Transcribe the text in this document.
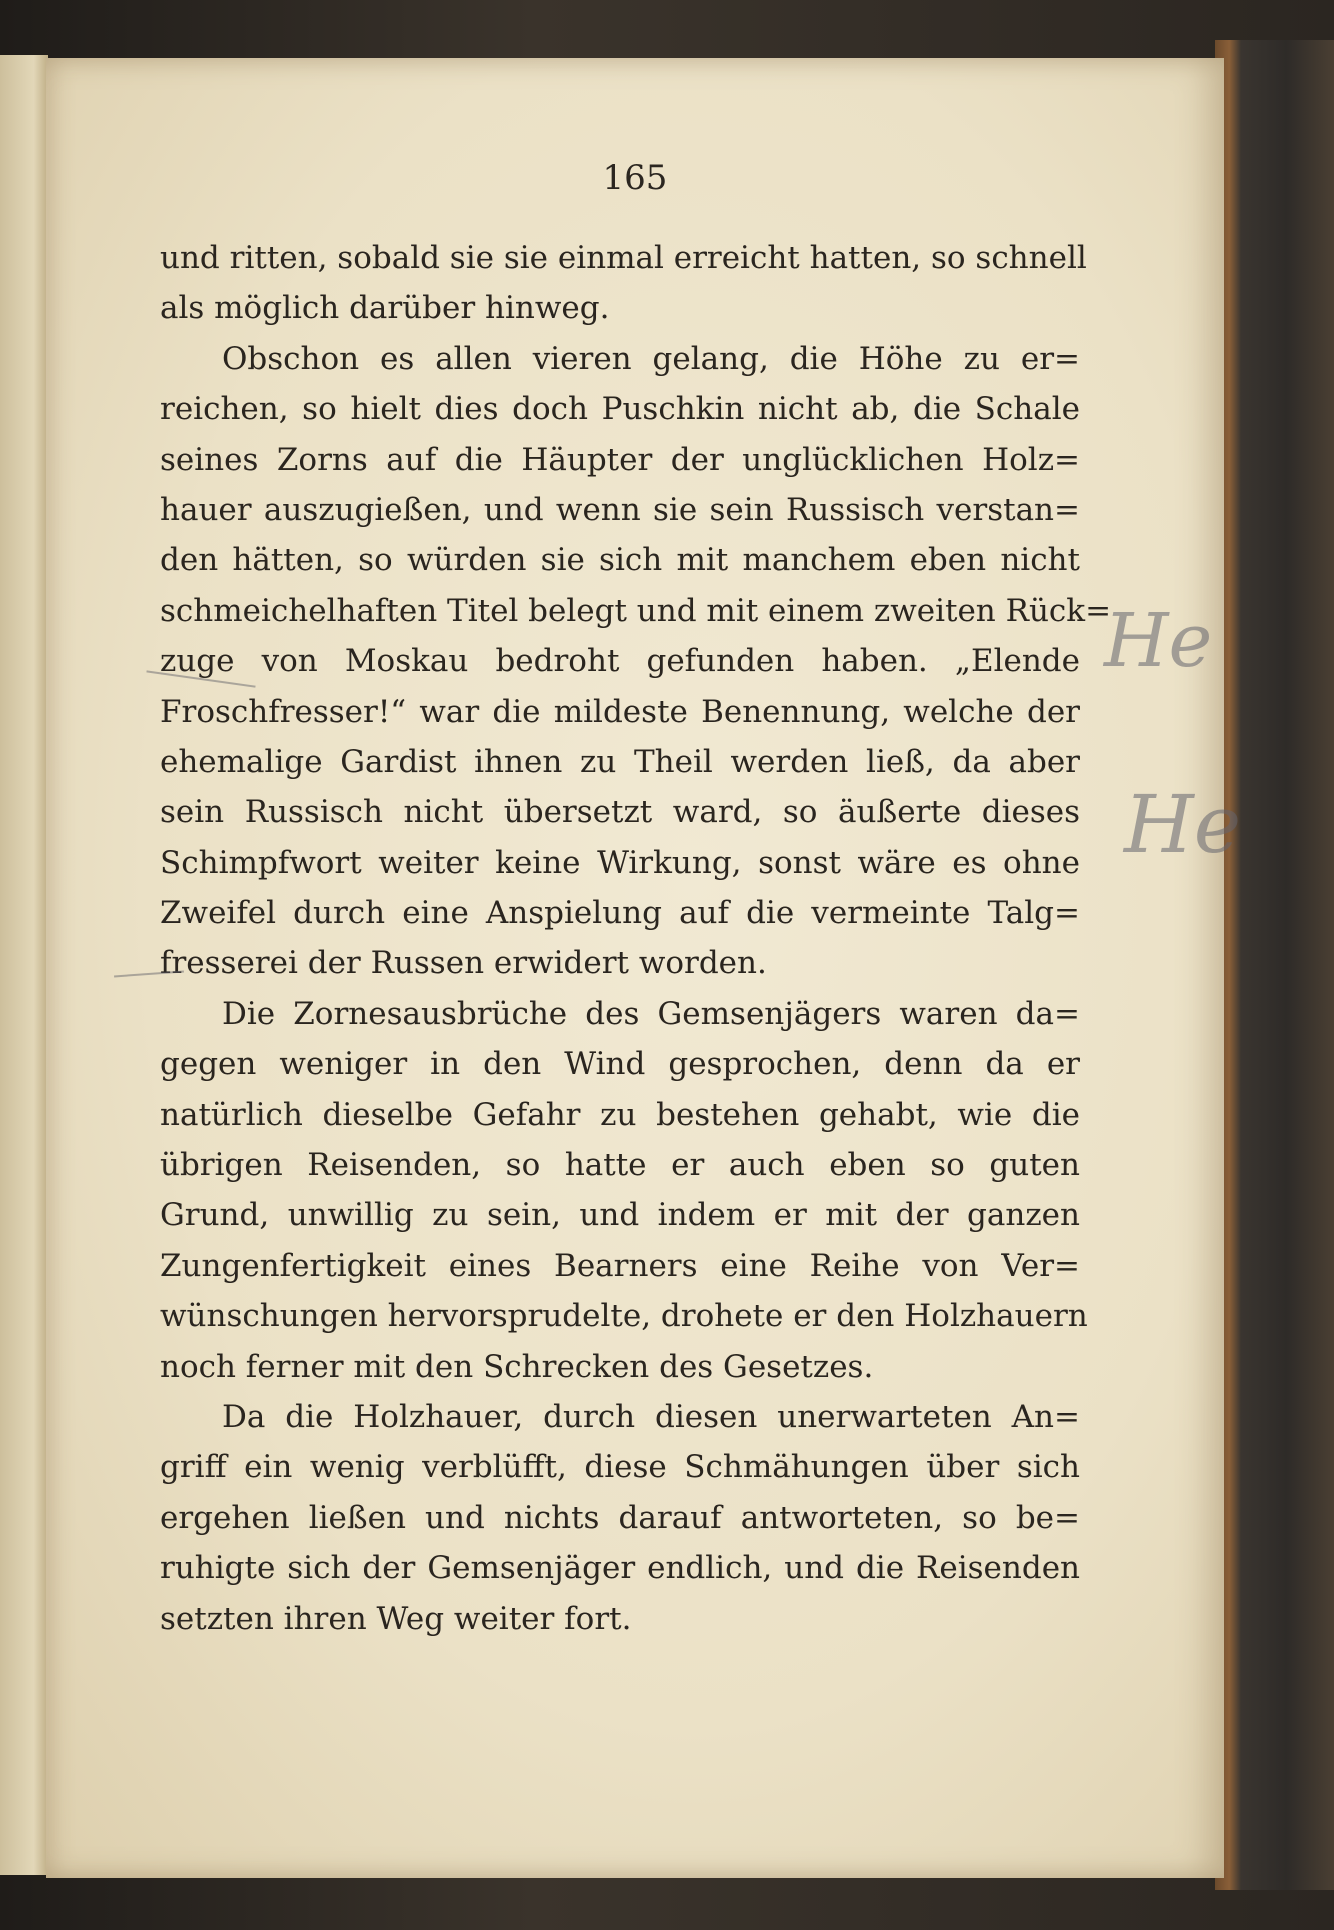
165
und ritten, sobald sie sie einmal erreicht hatten, so schnell
als möglich darüber hinweg.
Obschon es allen vieren gelang, die Höhe zu er=
reichen, so hielt dies doch Puschkin nicht ab, die Schale
seines Zorns auf die Häupter der unglücklichen Holz=
hauer auszugießen, und wenn sie sein Russisch verstan=
den hätten, so würden sie sich mit manchem eben nicht
schmeichelhaften Titel belegt und mit einem zweiten Rück=
zuge von Moskau bedroht gefunden haben. „Elende
Froschfresser!“ war die mildeste Benennung, welche der
ehemalige Gardist ihnen zu Theil werden ließ, da aber
sein Russisch nicht übersetzt ward, so äußerte dieses
Schimpfwort weiter keine Wirkung, sonst wäre es ohne
Zweifel durch eine Anspielung auf die vermeinte Talg=
fresserei der Russen erwidert worden.
Die Zornesausbrüche des Gemsenjägers waren da=
gegen weniger in den Wind gesprochen, denn da er
natürlich dieselbe Gefahr zu bestehen gehabt, wie die
übrigen Reisenden, so hatte er auch eben so guten
Grund, unwillig zu sein, und indem er mit der ganzen
Zungenfertigkeit eines Bearners eine Reihe von Ver=
wünschungen hervorsprudelte, drohete er den Holzhauern
noch ferner mit den Schrecken des Gesetzes.
Da die Holzhauer, durch diesen unerwarteten An=
griff ein wenig verblüfft, diese Schmähungen über sich
ergehen ließen und nichts darauf antworteten, so be=
ruhigte sich der Gemsenjäger endlich, und die Reisenden
setzten ihren Weg weiter fort.
He
He
